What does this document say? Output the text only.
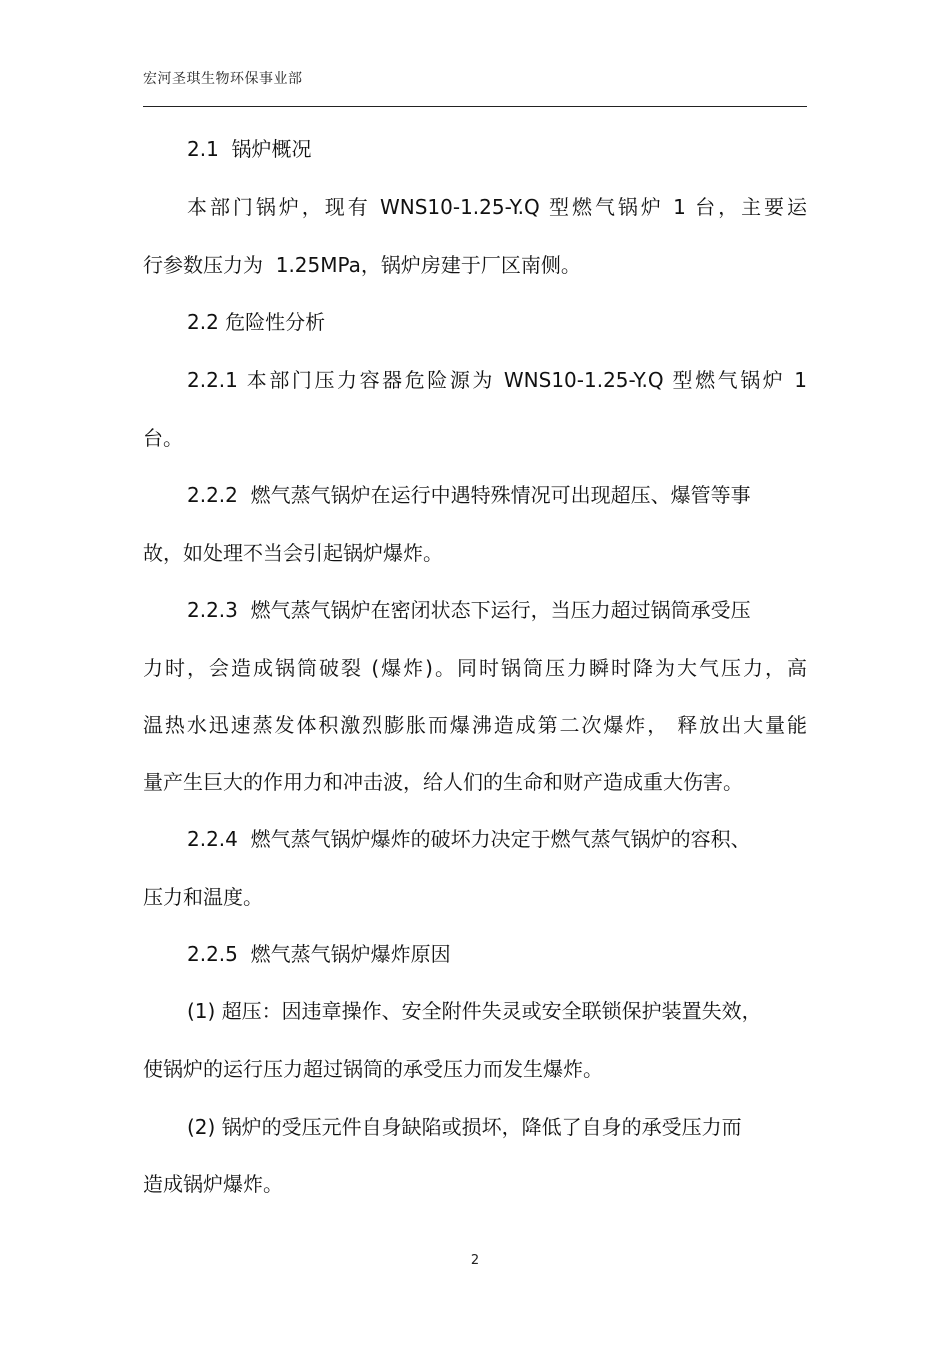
宏河圣琪生物环保事业部
2.1  锅炉概况
本部门锅炉，现有 WNS10-1.25-Y.Q 型燃气锅炉 1 台，主要运
行参数压力为  1.25MPa，锅炉房建于厂区南侧。
2.2 危险性分析
2.2.1 本部门压力容器危险源为 WNS10-1.25-Y.Q 型燃气锅炉 1
台。
2.2.2  燃气蒸气锅炉在运行中遇特殊情况可出现超压、爆管等事
故，如处理不当会引起锅炉爆炸。
2.2.3  燃气蒸气锅炉在密闭状态下运行，当压力超过锅筒承受压
力时，会造成锅筒破裂 (爆炸)。同时锅筒压力瞬时降为大气压力，高
温热水迅速蒸发体积激烈膨胀而爆沸造成第二次爆炸， 释放出大量能
量产生巨大的作用力和冲击波，给人们的生命和财产造成重大伤害。
2.2.4  燃气蒸气锅炉爆炸的破坏力决定于燃气蒸气锅炉的容积、
压力和温度。
2.2.5  燃气蒸气锅炉爆炸原因
(1) 超压：因违章操作、安全附件失灵或安全联锁保护装置失效，
使锅炉的运行压力超过锅筒的承受压力而发生爆炸。
(2) 锅炉的受压元件自身缺陷或损坏，降低了自身的承受压力而
造成锅炉爆炸。
2
